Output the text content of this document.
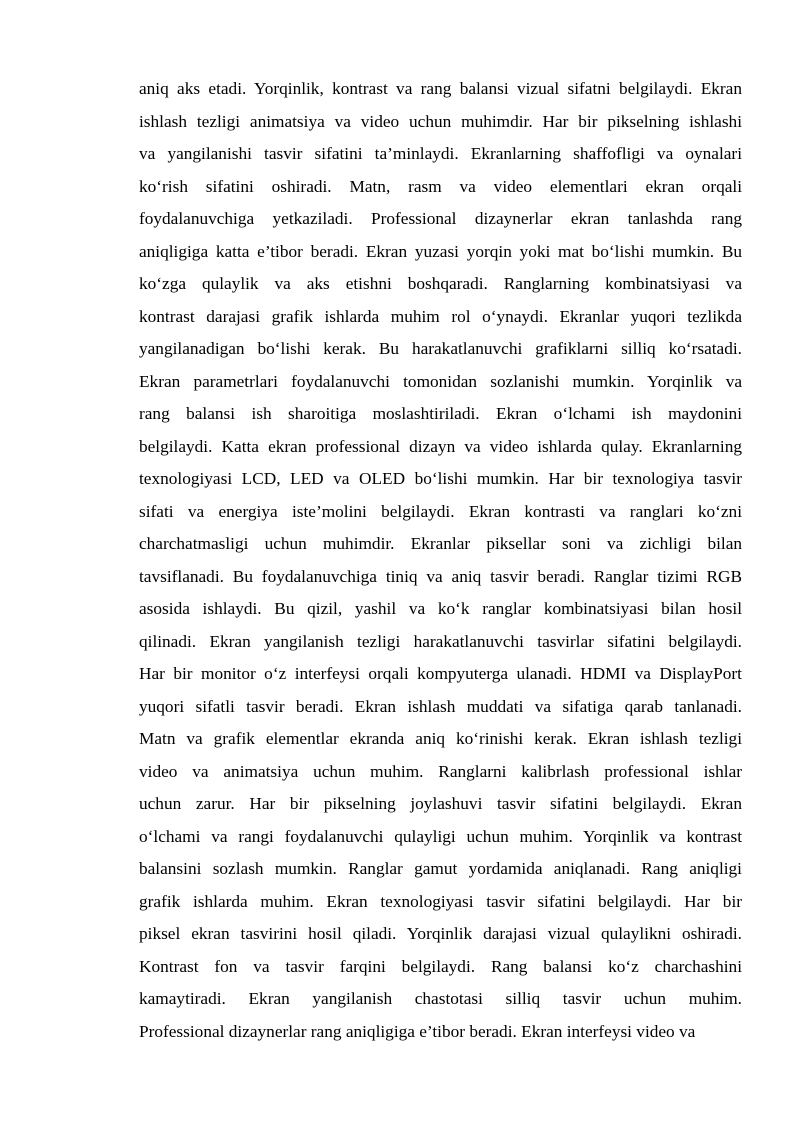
aniq aks etadi. Yorqinlik, kontrast va rang balansi vizual sifatni belgilaydi. Ekran
ishlash tezligi animatsiya va video uchun muhimdir. Har bir pikselning ishlashi
va yangilanishi tasvir sifatini ta’minlaydi. Ekranlarning shaffofligi va oynalari
ko‘rish sifatini oshiradi. Matn, rasm va video elementlari ekran orqali
foydalanuvchiga yetkaziladi. Professional dizaynerlar ekran tanlashda rang
aniqligiga katta e’tibor beradi. Ekran yuzasi yorqin yoki mat bo‘lishi mumkin. Bu
ko‘zga qulaylik va aks etishni boshqaradi. Ranglarning kombinatsiyasi va
kontrast darajasi grafik ishlarda muhim rol o‘ynaydi. Ekranlar yuqori tezlikda
yangilanadigan bo‘lishi kerak. Bu harakatlanuvchi grafiklarni silliq ko‘rsatadi.
Ekran parametrlari foydalanuvchi tomonidan sozlanishi mumkin. Yorqinlik va
rang balansi ish sharoitiga moslashtiriladi. Ekran o‘lchami ish maydonini
belgilaydi. Katta ekran professional dizayn va video ishlarda qulay. Ekranlarning
texnologiyasi LCD, LED va OLED bo‘lishi mumkin. Har bir texnologiya tasvir
sifati va energiya iste’molini belgilaydi. Ekran kontrasti va ranglari ko‘zni
charchatmasligi uchun muhimdir. Ekranlar piksellar soni va zichligi bilan
tavsiflanadi. Bu foydalanuvchiga tiniq va aniq tasvir beradi. Ranglar tizimi RGB
asosida ishlaydi. Bu qizil, yashil va ko‘k ranglar kombinatsiyasi bilan hosil
qilinadi. Ekran yangilanish tezligi harakatlanuvchi tasvirlar sifatini belgilaydi.
Har bir monitor o‘z interfeysi orqali kompyuterga ulanadi. HDMI va DisplayPort
yuqori sifatli tasvir beradi. Ekran ishlash muddati va sifatiga qarab tanlanadi.
Matn va grafik elementlar ekranda aniq ko‘rinishi kerak. Ekran ishlash tezligi
video va animatsiya uchun muhim. Ranglarni kalibrlash professional ishlar
uchun zarur. Har bir pikselning joylashuvi tasvir sifatini belgilaydi. Ekran
o‘lchami va rangi foydalanuvchi qulayligi uchun muhim. Yorqinlik va kontrast
balansini sozlash mumkin. Ranglar gamut yordamida aniqlanadi. Rang aniqligi
grafik ishlarda muhim. Ekran texnologiyasi tasvir sifatini belgilaydi. Har bir
piksel ekran tasvirini hosil qiladi. Yorqinlik darajasi vizual qulaylikni oshiradi.
Kontrast fon va tasvir farqini belgilaydi. Rang balansi ko‘z charchashini
kamaytiradi. Ekran yangilanish chastotasi silliq tasvir uchun muhim.
Professional dizaynerlar rang aniqligiga e’tibor beradi. Ekran interfeysi video va
